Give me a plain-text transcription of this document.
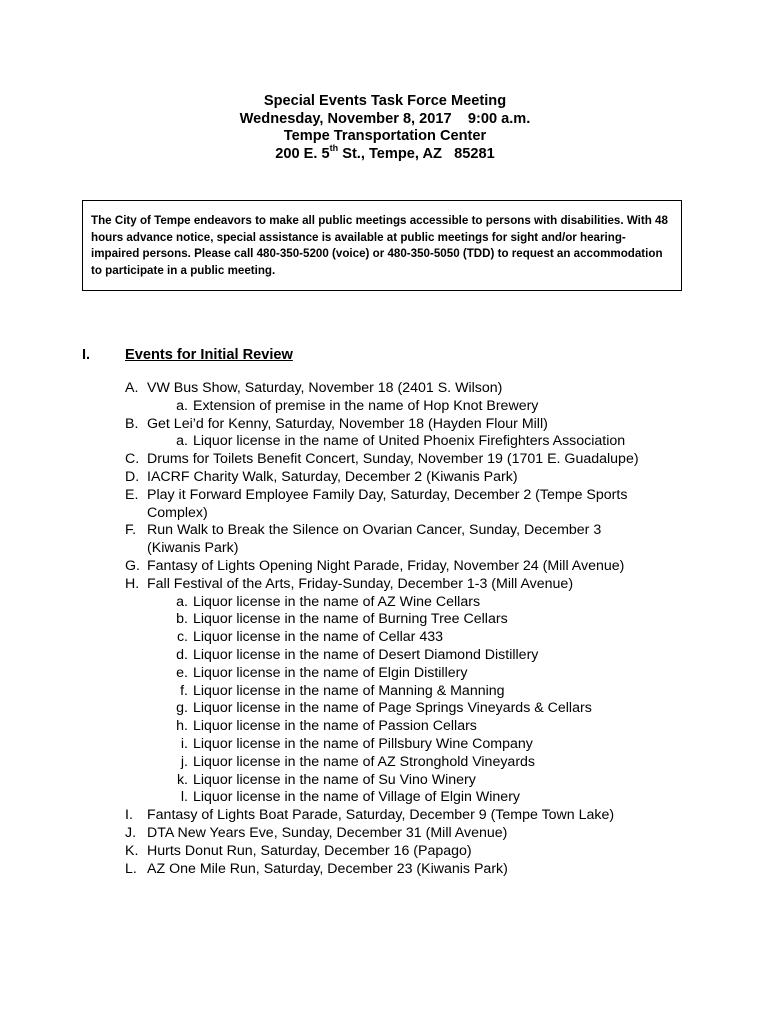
Special Events Task Force Meeting
Wednesday, November 8, 2017    9:00 a.m.
Tempe Transportation Center
200 E. 5th St., Tempe, AZ   85281
The City of Tempe endeavors to make all public meetings accessible to persons with disabilities. With 48 hours advance notice, special assistance is available at public meetings for sight and/or hearing-impaired persons. Please call 480-350-5200 (voice) or 480-350-5050 (TDD) to request an accommodation to participate in a public meeting.
I. Events for Initial Review
A. VW Bus Show, Saturday, November 18 (2401 S. Wilson)
a. Extension of premise in the name of Hop Knot Brewery
B. Get Lei’d for Kenny, Saturday, November 18 (Hayden Flour Mill)
a. Liquor license in the name of United Phoenix Firefighters Association
C. Drums for Toilets Benefit Concert, Sunday, November 19 (1701 E. Guadalupe)
D. IACRF Charity Walk, Saturday, December 2 (Kiwanis Park)
E. Play it Forward Employee Family Day, Saturday, December 2 (Tempe Sports
Complex)
F. Run Walk to Break the Silence on Ovarian Cancer, Sunday, December 3
(Kiwanis Park)
G. Fantasy of Lights Opening Night Parade, Friday, November 24 (Mill Avenue)
H. Fall Festival of the Arts, Friday-Sunday, December 1-3 (Mill Avenue)
a. Liquor license in the name of AZ Wine Cellars
b. Liquor license in the name of Burning Tree Cellars
c. Liquor license in the name of Cellar 433
d. Liquor license in the name of Desert Diamond Distillery
e. Liquor license in the name of Elgin Distillery
f. Liquor license in the name of Manning & Manning
g. Liquor license in the name of Page Springs Vineyards & Cellars
h. Liquor license in the name of Passion Cellars
i. Liquor license in the name of Pillsbury Wine Company
j. Liquor license in the name of AZ Stronghold Vineyards
k. Liquor license in the name of Su Vino Winery
l. Liquor license in the name of Village of Elgin Winery
I. Fantasy of Lights Boat Parade, Saturday, December 9 (Tempe Town Lake)
J. DTA New Years Eve, Sunday, December 31 (Mill Avenue)
K. Hurts Donut Run, Saturday, December 16 (Papago)
L. AZ One Mile Run, Saturday, December 23 (Kiwanis Park)
